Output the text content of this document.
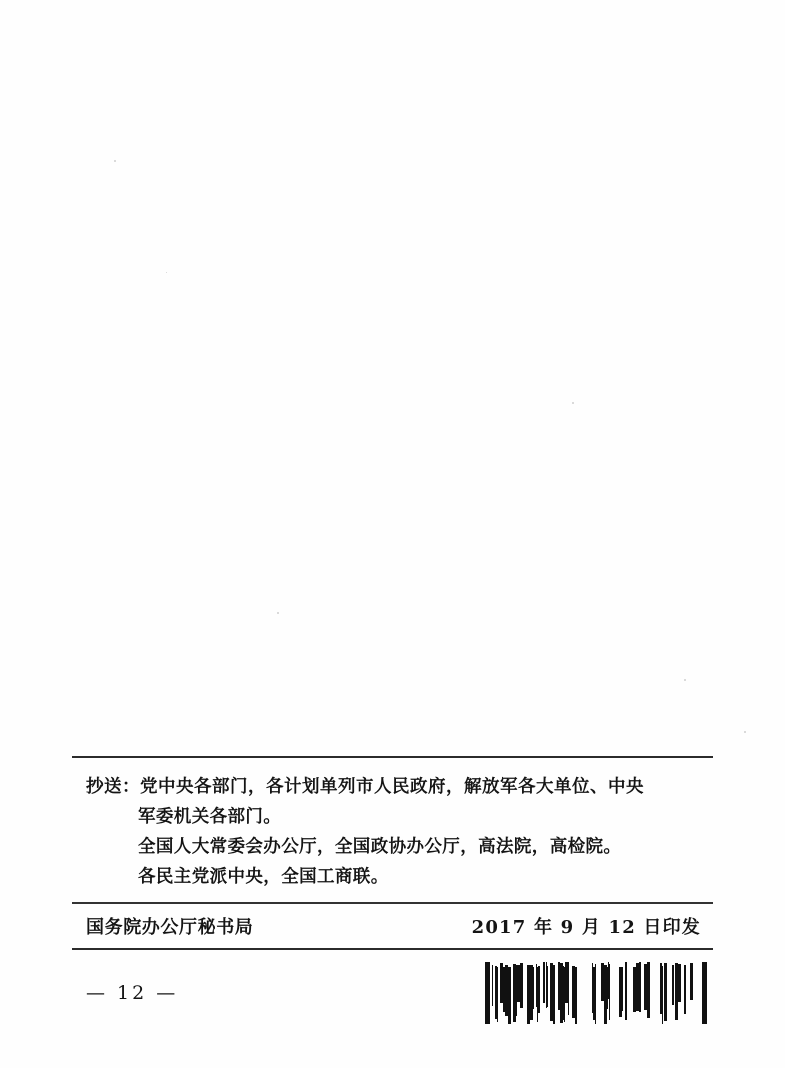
抄送： 党中央各部门，各计划单列市人民政府，解放军各大单位、中央
军委机关各部门。
全国人大常委会办公厅，全国政协办公厅，高法院，高检院。
各民主党派中央，全国工商联。
国务院办公厅秘书局	2017 年 9 月 12 日印发
— 12 —
